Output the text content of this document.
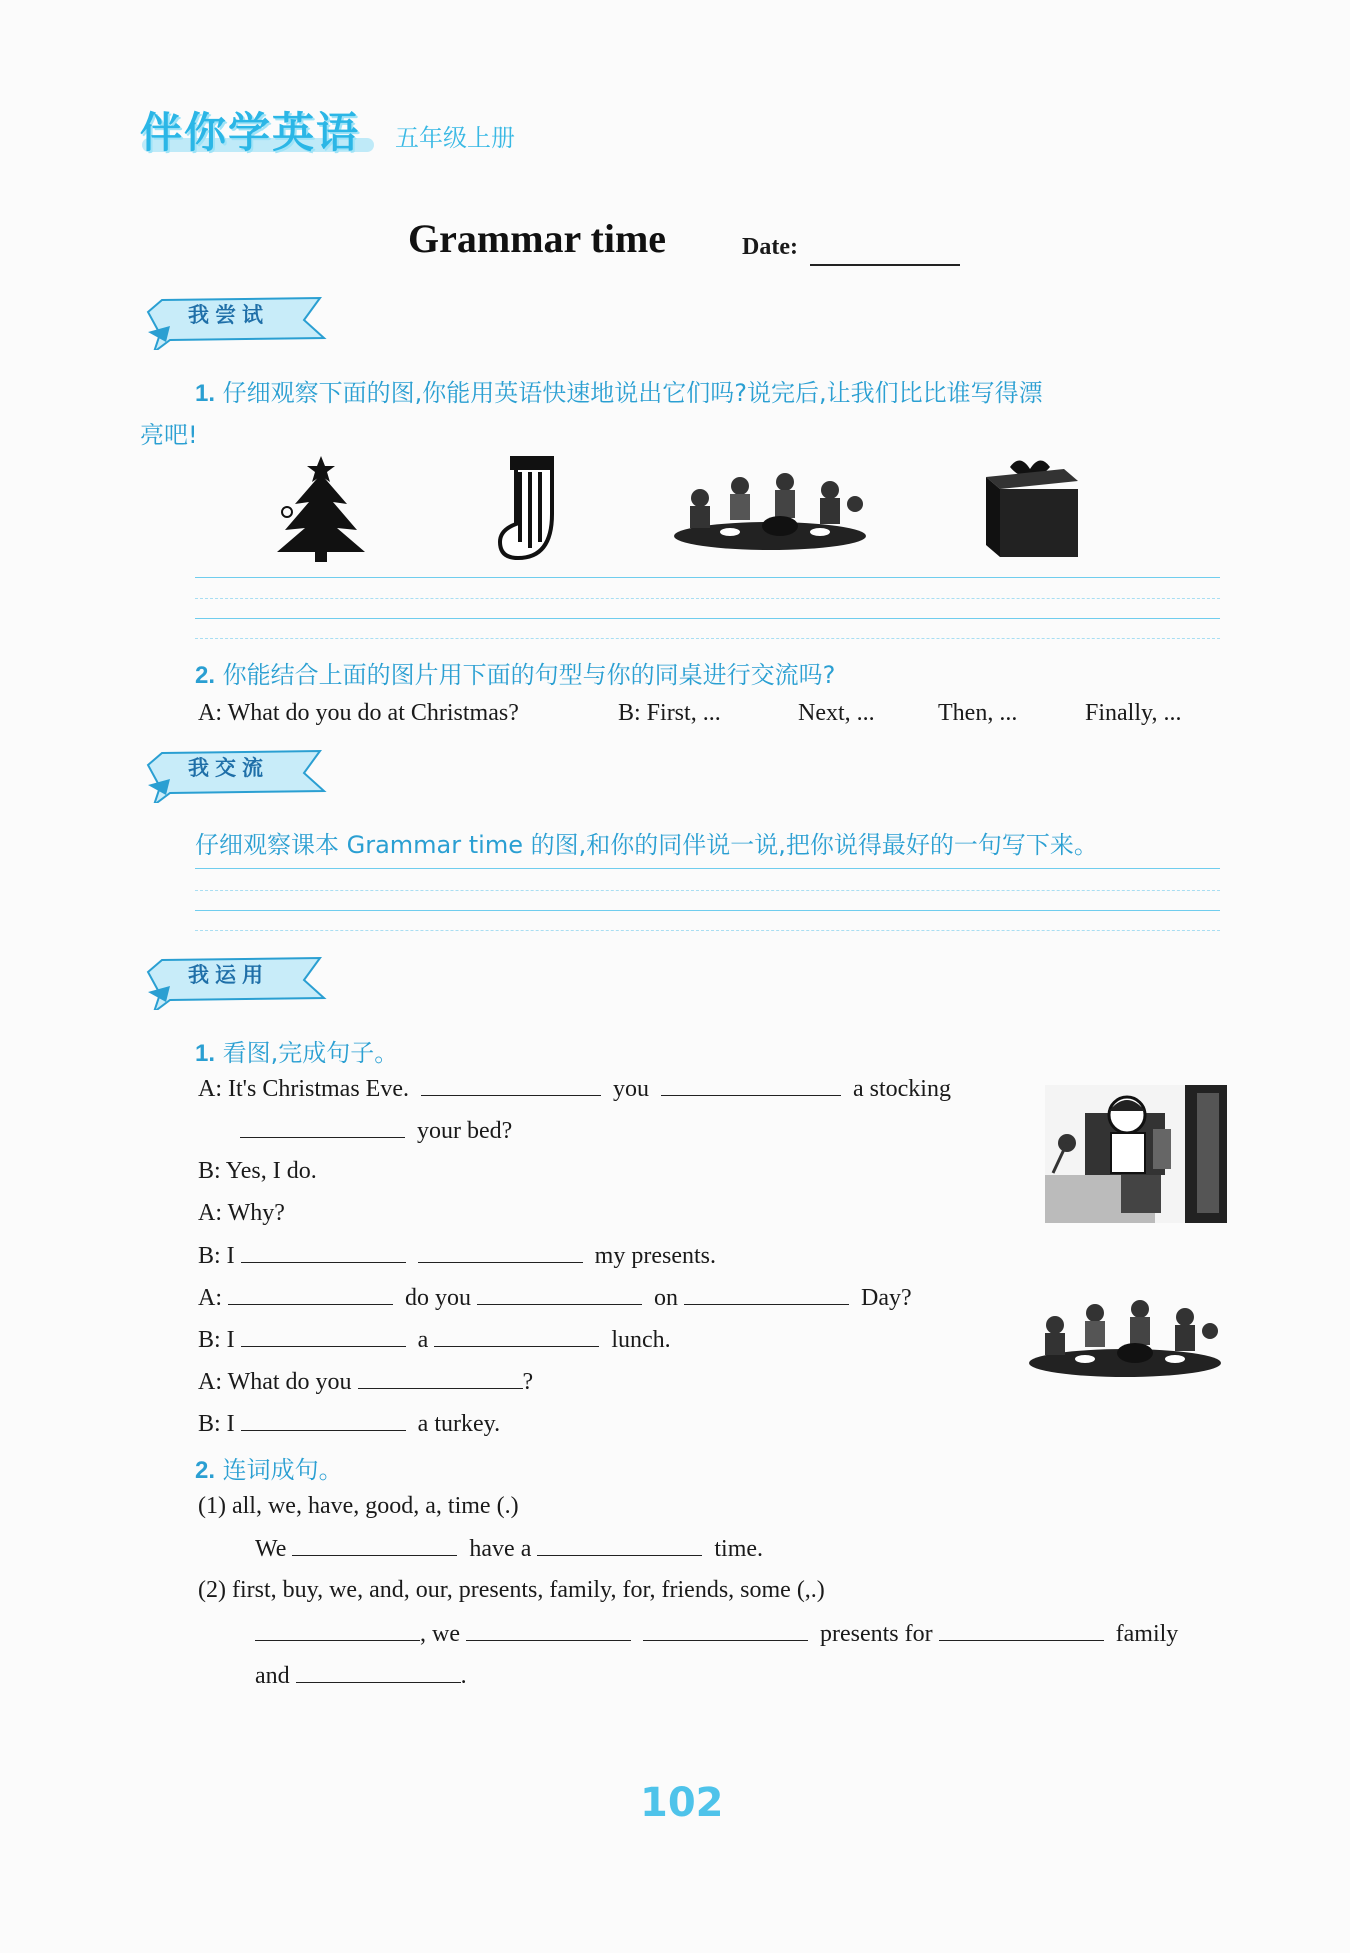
伴你学英语 五年级上册
Grammar time	Date:
我尝试
1. 仔细观察下面的图,你能用英语快速地说出它们吗?说完后,让我们比比谁写得漂
亮吧!
2. 你能结合上面的图片用下面的句型与你的同桌进行交流吗?
A: What do you do at Christmas?	B: First, ...	Next, ...	Then, ...	Finally, ...
我交流
仔细观察课本 Grammar time 的图,和你的同伴说一说,把你说得最好的一句写下来。
我运用
1. 看图,完成句子。
A: It's Christmas Eve.	you	a stocking
your bed?
B: Yes, I do.
A: Why?
B: I	my presents.
A:	do you	on	Day?
B: I	a	lunch.
A: What do you	?
B: I	a turkey.
2. 连词成句。
(1) all, we, have, good, a, time (.)
We	have a	time.
(2) first, buy, we, and, our, presents, family, for, friends, some (,.)
, we	presents for	family
and	.
102
